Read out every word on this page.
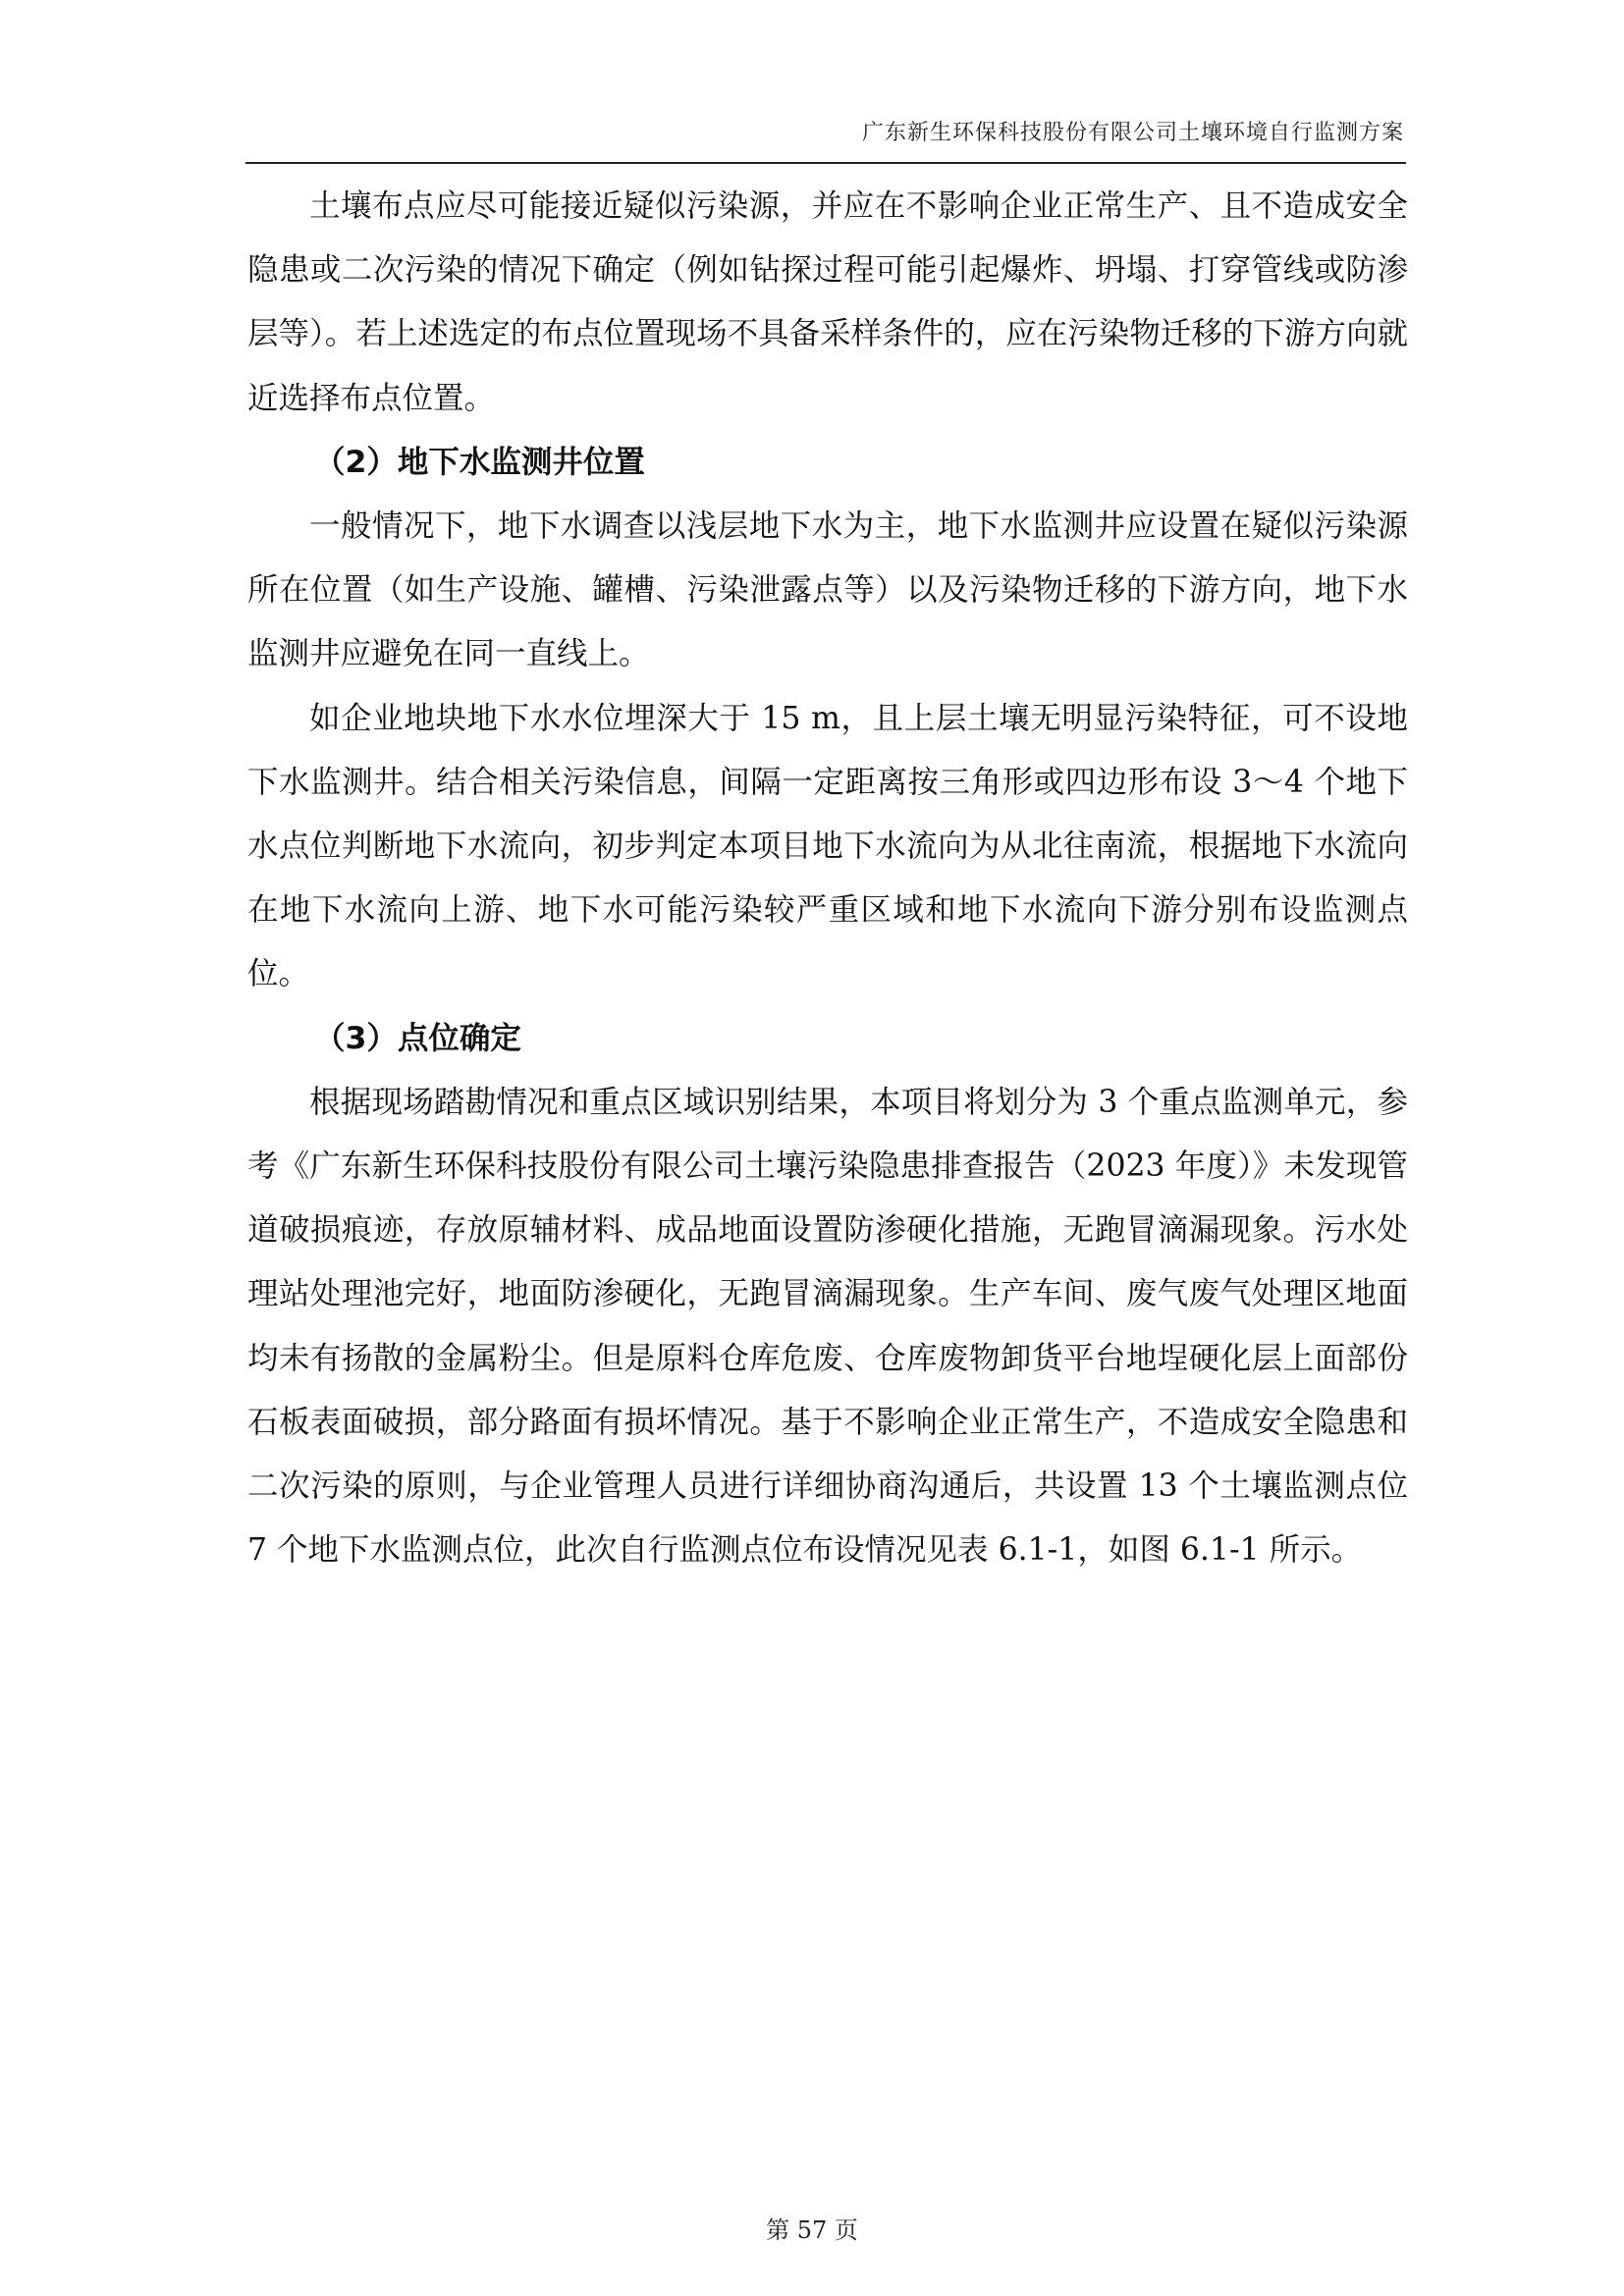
广东新生环保科技股份有限公司土壤环境自行监测方案

土壤布点应尽可能接近疑似污染源，并应在不影响企业正常生产、且不造成安全隐患或二次污染的情况下确定（例如钻探过程可能引起爆炸、坍塌、打穿管线或防渗层等）。若上述选定的布点位置现场不具备采样条件的，应在污染物迁移的下游方向就近选择布点位置。

（2）地下水监测井位置

一般情况下，地下水调查以浅层地下水为主，地下水监测井应设置在疑似污染源所在位置（如生产设施、罐槽、污染泄露点等）以及污染物迁移的下游方向，地下水监测井应避免在同一直线上。

如企业地块地下水水位埋深大于 15 m，且上层土壤无明显污染特征，可不设地下水监测井。结合相关污染信息，间隔一定距离按三角形或四边形布设 3～4 个地下水点位判断地下水流向，初步判定本项目地下水流向为从北往南流，根据地下水流向在地下水流向上游、地下水可能污染较严重区域和地下水流向下游分别布设监测点位。

（3）点位确定

根据现场踏勘情况和重点区域识别结果，本项目将划分为 3 个重点监测单元，参考《广东新生环保科技股份有限公司土壤污染隐患排查报告（2023 年度）》未发现管道破损痕迹，存放原辅材料、成品地面设置防渗硬化措施，无跑冒滴漏现象。污水处理站处理池完好，地面防渗硬化，无跑冒滴漏现象。生产车间、废气废气处理区地面均未有扬散的金属粉尘。但是原料仓库危废、仓库废物卸货平台地埕硬化层上面部份石板表面破损，部分路面有损坏情况。基于不影响企业正常生产，不造成安全隐患和二次污染的原则，与企业管理人员进行详细协商沟通后，共设置 13 个土壤监测点位 7 个地下水监测点位，此次自行监测点位布设情况见表 6.1-1，如图 6.1-1 所示。

第 57 页
